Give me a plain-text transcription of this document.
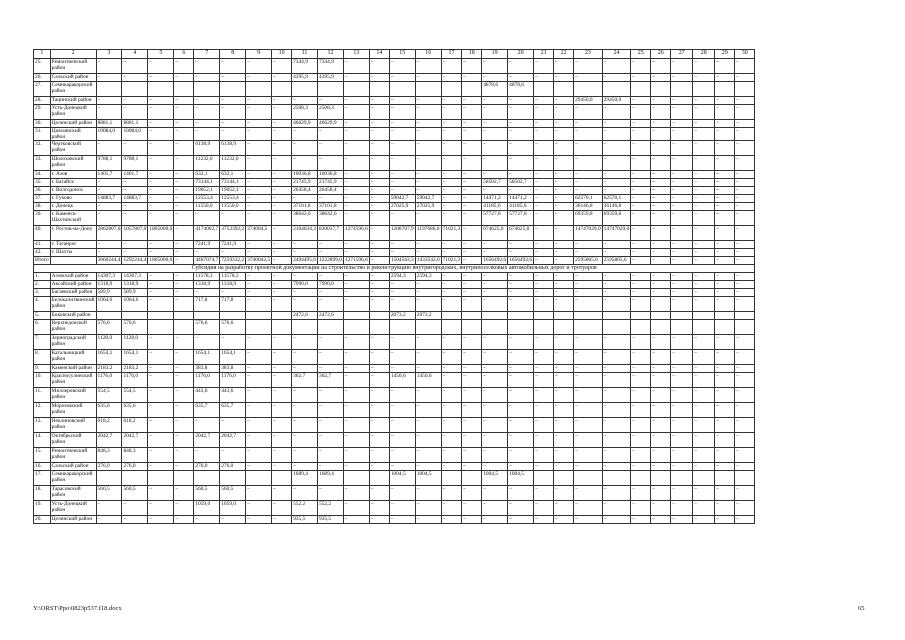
1	2	3	4	5	6	7	8	9	10	11	12	13	14	15	16	17	18	19	20	21	22	23	24	25	26	27	28	29	30
25.	Ремонтненский район	–	–	–	–	–	–	–	–	7344,9	7344,9	–	–	–	–	–	–	–	–	–	–	–	–	–	–	–	–	–	–
26.	Сальский район	–	–	–	–	–	–	–	–	4395,9	4395,9	–	–	–	–	–	–	–	–	–	–	–	–	–	–	–	–	–	–
27.	Семикаракорский район																	4878,6	4878,6										
28.	Тацинский район	–	–	–	–	–	–	–	–	–	–	–	–	–	–	–	–	–	–	–	–	29450,0	29450,0	–	–	–	–	–	–
29.	Усть-Донецкий район	–	–	–	–	–	–	–	–	2508,3	2508,3	–	–	–	–	–	–	–	–	–	–	–	–	–	–	–	–	–	–
30.	Целинский район	8881,1	8881,1	–	–	–	–	–	–	46629,9	46629,9	–	–	–	–	–	–	–	–	–	–	–	–	–	–	–	–	–	–
31.	Цимлянский район	10084,0	10084,0	–	–	–	–	–	–	–	–	–	–	–	–	–	–	–	–	–	–	–	–	–	–	–	–	–	–
32.	Чертковский район	–	–	–	–	6138,9	6138,9	–	–	–	–	–	–	–	–	–	–	–	–	–	–	–	–	–	–	–	–	–	–
33.	Шолоховский район	9788,1	9788,1	–	–	11232,0	11232,0	–	–	–	–	–	–	–	–	–	–	–	–	–	–	–	–	–	–	–	–	–	–
34.	г. Азов	1401,7	1401,7	–	–	632,1	632,1	–	–	10036,8	10036,8	–	–	–	–	–	–	–	–	–	–	–	–	–	–	–	–	–	–
35.	г. Батайск	–	–	–	–	73144,1	73144,1	–	–	21745,9	21745,9	–	–	–	–	–	–	58502,7	58502,7	–	–	–	–	–	–	–	–	–	–
36.	г. Волгодонск	–	–	–	–	19052,1	19052,1	–	–	26458,4	26458,4	–	–	–	–	–	–	–	–	–	–	–	–	–	–	–	–	–	–
37.	г. Гуково	14883,7	14883,7	–	–	12553,4	12553,4	–	–	–	–	–	–	59042,7	59042,7	–	–	14471,2	14471,2	–	–	62570,1	62570,1	–	–	–	–	–	–
38.	г. Донецк	–	–	–	–	11550,0	11550,0	–	–	37101,8	37101,8	–	–	27025,9	27025,9	–	–	41185,6	41185,6	–	–	36146,8	36146,8	–	–	–	–	–	–
39.	г. Каменск-Шахтинский	–	–	–	–	–	–	–	–	38642,6	38642,6	–	–	–	–	–	–	57727,8	57727,8	–	–	69359,8	69359,8	–	–	–	–	–	–
40.	г. Ростов-на-Дону	2862807,0	1057807,0	1805000,0	–	4174002,7	3753392,2	374004,5	–	2104634,3	830037,7	1274596,6	–	1208707,9	1197686,6	71021,3	–	674625,0	674625,0	–	–	14747029,0	14747029,0	–	–	–	–	–	–
41.	г. Таганрог	–	–	–	–	7241,9	7241,9	–	–	–	–	–	–	–	–	–	–	–	–	–	–	–	–	–	–	–	–	–	–
42.	г. Шахты	–	–	–	–	–	–	–	–	–	–	–	–	–	–	–	–	–	–	–	–	–	–	–	–	–	–	–	–
Итого		3060244,4	1292244,4	1805000,0	–	4467074,7	7259332,2	3740042,5	–	2494495,6	1222899,0	1271596,6	–	1504563,3	1433542,0	71021,3	–	1656492,6	1656492,6	–	–	2595805,6	2595805,6	–	–	–	–	–	–
Субсидия на разработку проектной документации на строительство и реконструкцию внутригородских, внутрипоселковых автомобильных дорог и тротуаров																													
1.	Азовский район	14307,3	14307,3	–	–	11578,3	11578,3	–	–	–	–	–	–	2594,3	2594,3	–	–	–	–	–	–	–	–	–	–	–	–	–	–
2.	Аксайский район	1318,9	1318,9	–	–	1318,9	1318,9	–	–	7990,0	7990,0	–	–	–	–	–	–	–	–	–	–	–	–	–	–	–	–	–	–
3.	Багаевский район	589,9	589,9	–	–	–	–	–	–	–	–	–	–	–	–	–	–	–	–	–	–	–	–	–	–	–	–	–	–
4.	Белокалитвинский район	1064,6	1064,6	–	–	717,8	717,8	–	–	–	–	–	–	–	–	–	–	–	–	–	–	–	–	–	–	–	–	–	–
5.	Боковский район									2472,6	2472,6			2073,2	2073,2														
6.	Верхнедонской район	576,6	576,6			576,6	576,6																						
7.	Зерноградский район	1128,0	1128,0	–	–	–	–	–	–	–	–	–	–	–	–	–	–	–	–	–	–	–	–	–	–	–	–	–	–
8.	Кагальницкий район	1654,1	1654,1	–	–	1654,1	1654,1	–	–	–	–	–	–	–	–	–	–	–	–	–	–	–	–	–	–	–	–	–	–
9.	Каменский район	2183,2	2183,2	–	–	383,8	383,8	–	–	–	–	–	–	–	–	–	–	–	–	–	–	–	–	–	–	–	–	–	–
10.	Красносулинский район	1176,0	1176,0	–	–	1176,0	1176,0	–	–	362,7	362,7	–	–	1450,6	1450,6	–	–	–	–	–	–	–	–	–	–	–	–	–	–
11.	Миллеровский район	554,5	554,5	–	–	443,6	443,6	–	–	–	–	–	–	–	–	–	–	–	–	–	–	–	–	–	–	–	–	–	–
12.	Морозовский район	635,6	635,6	–	–	635,7	635,7	–	–	–	–	–	–	–	–	–	–	–	–	–	–	–	–	–	–	–	–	–	–
13.	Неклиновский район	618,2	618,2	–	–	–	–	–	–	–	–	–	–	–	–	–	–	–	–	–	–	–	–	–	–	–	–	–	–
14.	Октябрьский район	2042,7	2042,7	–	–	2042,7	2042,7	–	–	–	–	–	–	–	–	–	–	–	–	–	–	–	–	–	–	–	–	–	–
15.	Ремонтненский район	848,3	848,3	–	–	–	–	–	–	–	–	–	–	–	–	–	–	–	–	–	–	–	–	–	–	–	–	–	–
16.	Сальский район	276,0	276,0	–	–	276,0	276,0	–	–	–	–	–	–	–	–	–	–	–	–	–	–	–	–	–	–	–	–	–	–
17.	Семикаракорский район									1689,4	1689,4			1004,5	1004,5			1004,5	1004,5										
18.	Тарасовский район	560,5	560,5	–	–	560,5	560,5	–	–	–	–	–	–	–	–	–	–	–	–	–	–	–	–	–	–	–	–	–	–
19.	Усть-Донецкий район	–	–	–	–	1059,0	1059,0	–	–	552,2	552,2	–	–	–	–	–	–	–	–	–	–	–	–	–	–	–	–	–	–
20.	Целинский район	–	–	–	–	–	–	–	–	935,5	935,5	–	–	–	–	–	–	–	–	–	–	–	–	–	–	–	–	–	–
Y:\ORST\Ppo\0823p537.f18.docx	65
